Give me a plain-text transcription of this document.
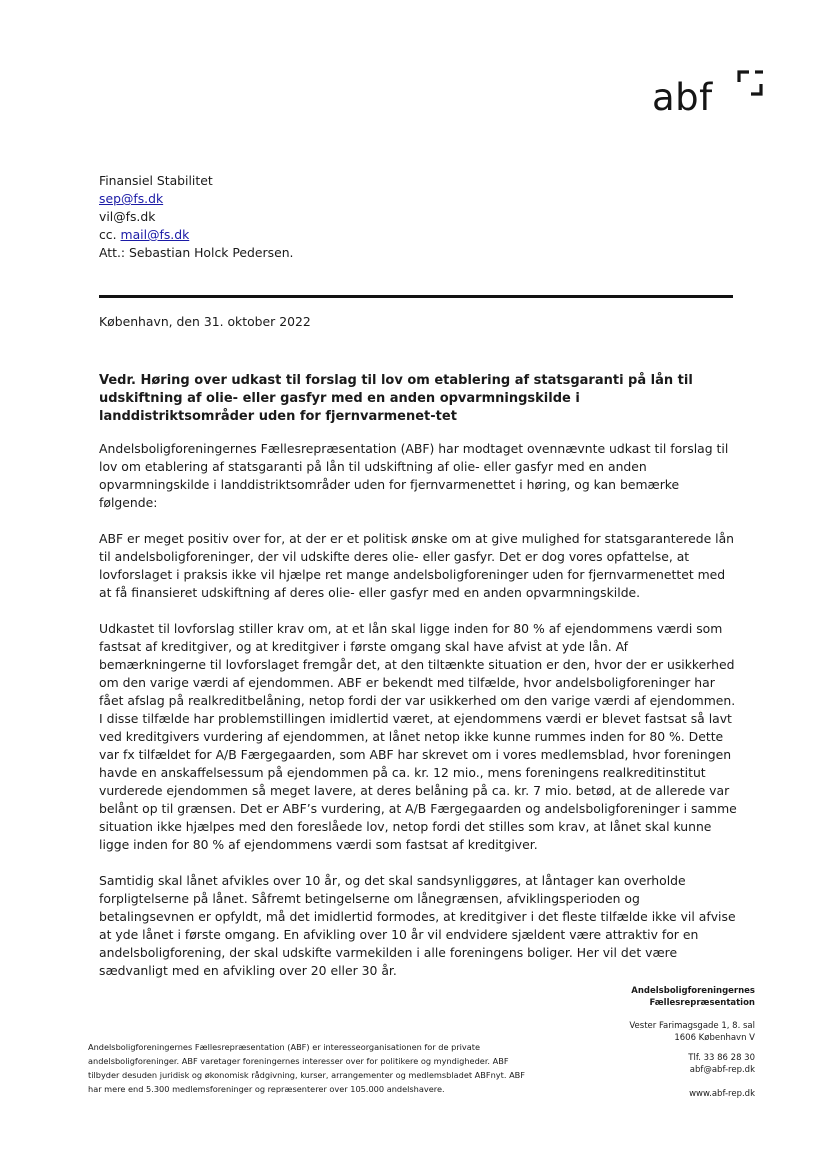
abf
Finansiel Stabilitet
sep@fs.dk
vil@fs.dk
cc. mail@fs.dk
Att.: Sebastian Holck Pedersen.
København, den 31. oktober 2022
Vedr. Høring over udkast til forslag til lov om etablering af statsgaranti på lån til udskiftning af olie- eller gasfyr med en anden opvarmningskilde i landdistriktsområder uden for fjernvarmenet-tet

Andelsboligforeningernes Fællesrepræsentation (ABF) har modtaget ovennævnte udkast til forslag til lov om etablering af statsgaranti på lån til udskiftning af olie- eller gasfyr med en anden opvarmningskilde i landdistriktsområder uden for fjernvarmenettet i høring, og kan bemærke følgende:

ABF er meget positiv over for, at der er et politisk ønske om at give mulighed for statsgaranterede lån til andelsboligforeninger, der vil udskifte deres olie- eller gasfyr. Det er dog vores opfattelse, at lovforslaget i praksis ikke vil hjælpe ret mange andelsboligforeninger uden for fjernvarmenettet med at få finansieret udskiftning af deres olie- eller gasfyr med en anden opvarmningskilde.

Udkastet til lovforslag stiller krav om, at et lån skal ligge inden for 80 % af ejendommens værdi som fastsat af kreditgiver, og at kreditgiver i første omgang skal have afvist at yde lån. Af bemærkningerne til lovforslaget fremgår det, at den tiltænkte situation er den, hvor der er usikkerhed om den varige værdi af ejendommen. ABF er bekendt med tilfælde, hvor andelsboligforeninger har fået afslag på realkreditbelåning, netop fordi der var usikkerhed om den varige værdi af ejendommen. I disse tilfælde har problemstillingen imidlertid været, at ejendommens værdi er blevet fastsat så lavt ved kreditgivers vurdering af ejendommen, at lånet netop ikke kunne rummes inden for 80 %. Dette var fx tilfældet for A/B Færgegaarden, som ABF har skrevet om i vores medlemsblad, hvor foreningen havde en anskaffelsessum på ejendommen på ca. kr. 12 mio., mens foreningens realkreditinstitut vurderede ejendommen så meget lavere, at deres belåning på ca. kr. 7 mio. betød, at de allerede var belånt op til grænsen. Det er ABF’s vurdering, at A/B Færgegaarden og andelsboligforeninger i samme situation ikke hjælpes med den foreslåede lov, netop fordi det stilles som krav, at lånet skal kunne ligge inden for 80 % af ejendommens værdi som fastsat af kreditgiver.

Samtidig skal lånet afvikles over 10 år, og det skal sandsynliggøres, at låntager kan overholde forpligtelserne på lånet. Såfremt betingelserne om lånegrænsen, afviklingsperioden og betalingsevnen er opfyldt, må det imidlertid formodes, at kreditgiver i det fleste tilfælde ikke vil afvise at yde lånet i første omgang. En afvikling over 10 år vil endvidere sjældent være attraktiv for en andelsboligforening, der skal udskifte varmekilden i alle foreningens boliger. Her vil det være sædvanligt med en afvikling over 20 eller 30 år.

Andelsboligforeningernes
Fællesrepræsentation
Vester Farimagsgade 1, 8. sal
1606 København V
Tlf. 33 86 28 30
abf@abf-rep.dk
www.abf-rep.dk
Andelsboligforeningernes Fællesrepræsentation (ABF) er interesseorganisationen for de private andelsboligforeninger. ABF varetager foreningernes interesser over for politikere og myndigheder. ABF tilbyder desuden juridisk og økonomisk rådgivning, kurser, arrangementer og medlemsbladet ABFnyt. ABF har mere end 5.300 medlemsforeninger og repræsenterer over 105.000 andelshavere.
